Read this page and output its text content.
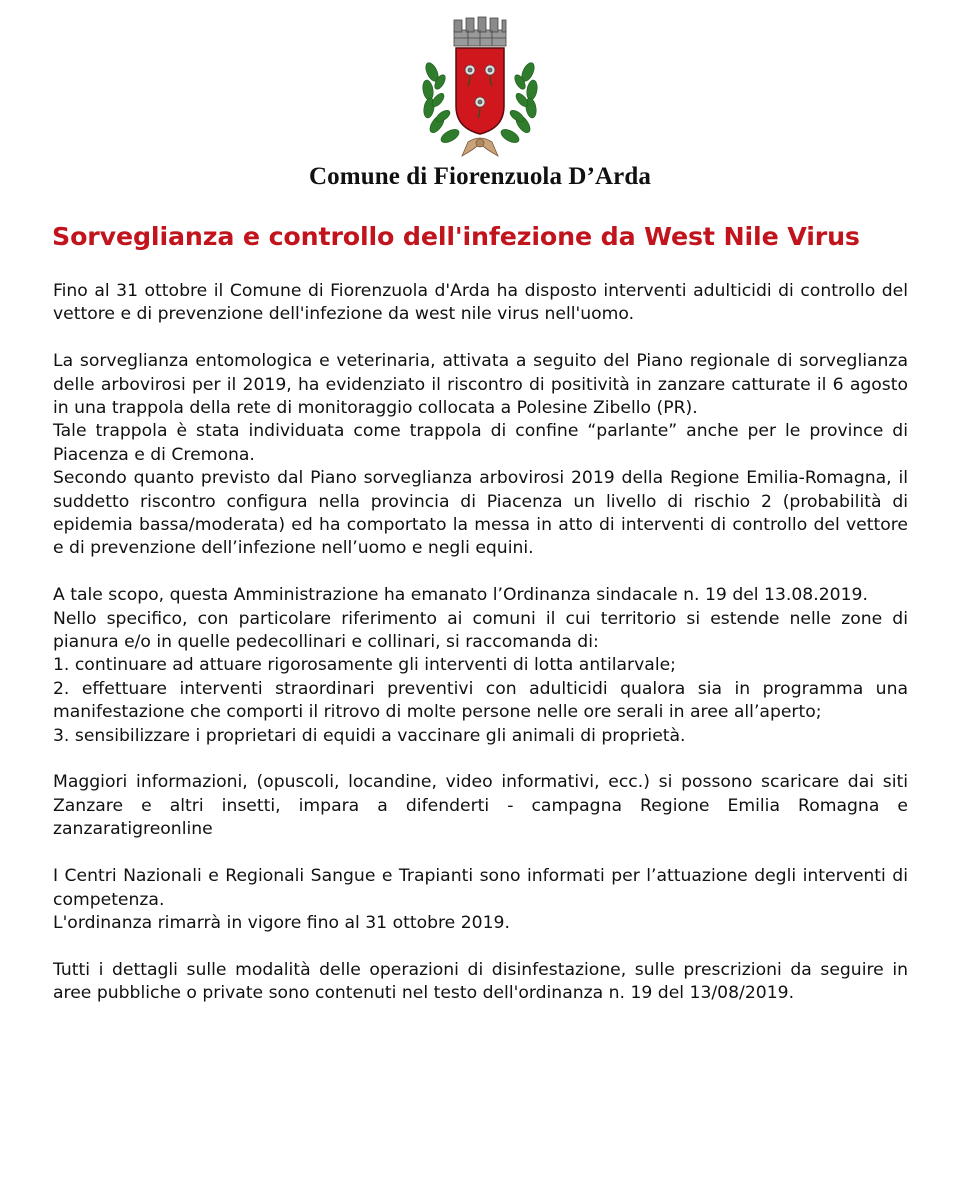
Comune di Fiorenzuola D’Arda
Sorveglianza e controllo dell'infezione da West Nile Virus

Fino al 31 ottobre il Comune di Fiorenzuola d'Arda ha disposto interventi adulticidi di controllo del vettore e di prevenzione dell'infezione da west nile virus nell'uomo.

La sorveglianza entomologica e veterinaria, attivata a seguito del Piano regionale di sorveglianza delle arbovirosi per il 2019, ha evidenziato il riscontro di positività in zanzare catturate il 6 agosto in una trappola della rete di monitoraggio collocata a Polesine Zibello (PR).

Tale trappola è stata individuata come trappola di confine “parlante” anche per le province di Piacenza e di Cremona.

Secondo quanto previsto dal Piano sorveglianza arbovirosi 2019 della Regione Emilia-Romagna, il suddetto riscontro configura nella provincia di Piacenza un livello di rischio 2 (probabilità di epidemia bassa/moderata) ed ha comportato la messa in atto di interventi di controllo del vettore e di prevenzione dell’infezione nell’uomo e negli equini.

A tale scopo, questa Amministrazione ha emanato l’Ordinanza sindacale n. 19 del 13.08.2019.

Nello specifico, con particolare riferimento ai comuni il cui territorio si estende nelle zone di pianura e/o in quelle pedecollinari e collinari, si raccomanda di:

1. continuare ad attuare rigorosamente gli interventi di lotta antilarvale;

2. effettuare interventi straordinari preventivi con adulticidi qualora sia in programma una manifestazione che comporti il ritrovo di molte persone nelle ore serali in aree all’aperto;

3. sensibilizzare i proprietari di equidi a vaccinare gli animali di proprietà.

Maggiori informazioni, (opuscoli, locandine, video informativi, ecc.) si possono scaricare dai siti Zanzare e altri insetti, impara a difenderti - campagna Regione Emilia Romagna e zanzaratigreonline

I Centri Nazionali e Regionali Sangue e Trapianti sono informati per l’attuazione degli interventi di competenza.

L'ordinanza rimarrà in vigore fino al 31 ottobre 2019.

Tutti i dettagli sulle modalità delle operazioni di disinfestazione, sulle prescrizioni da seguire in aree pubbliche o private sono contenuti nel testo dell'ordinanza n. 19 del 13/08/2019.
